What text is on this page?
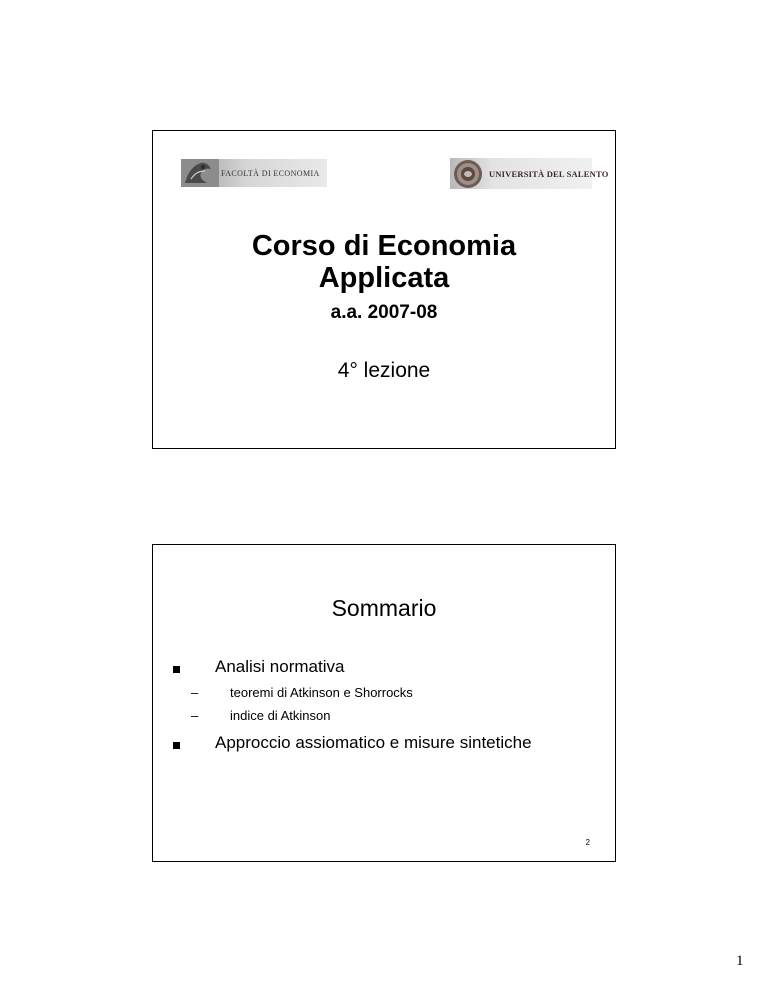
FACOLTÀ DI ECONOMIA	UNIVERSITÀ DEL SALENTO
Corso di Economia
Applicata
a.a. 2007-08
4° lezione
Sommario
Analisi normativa
– teoremi di Atkinson e Shorrocks
– indice di Atkinson
Approccio assiomatico e misure sintetiche
2
1
